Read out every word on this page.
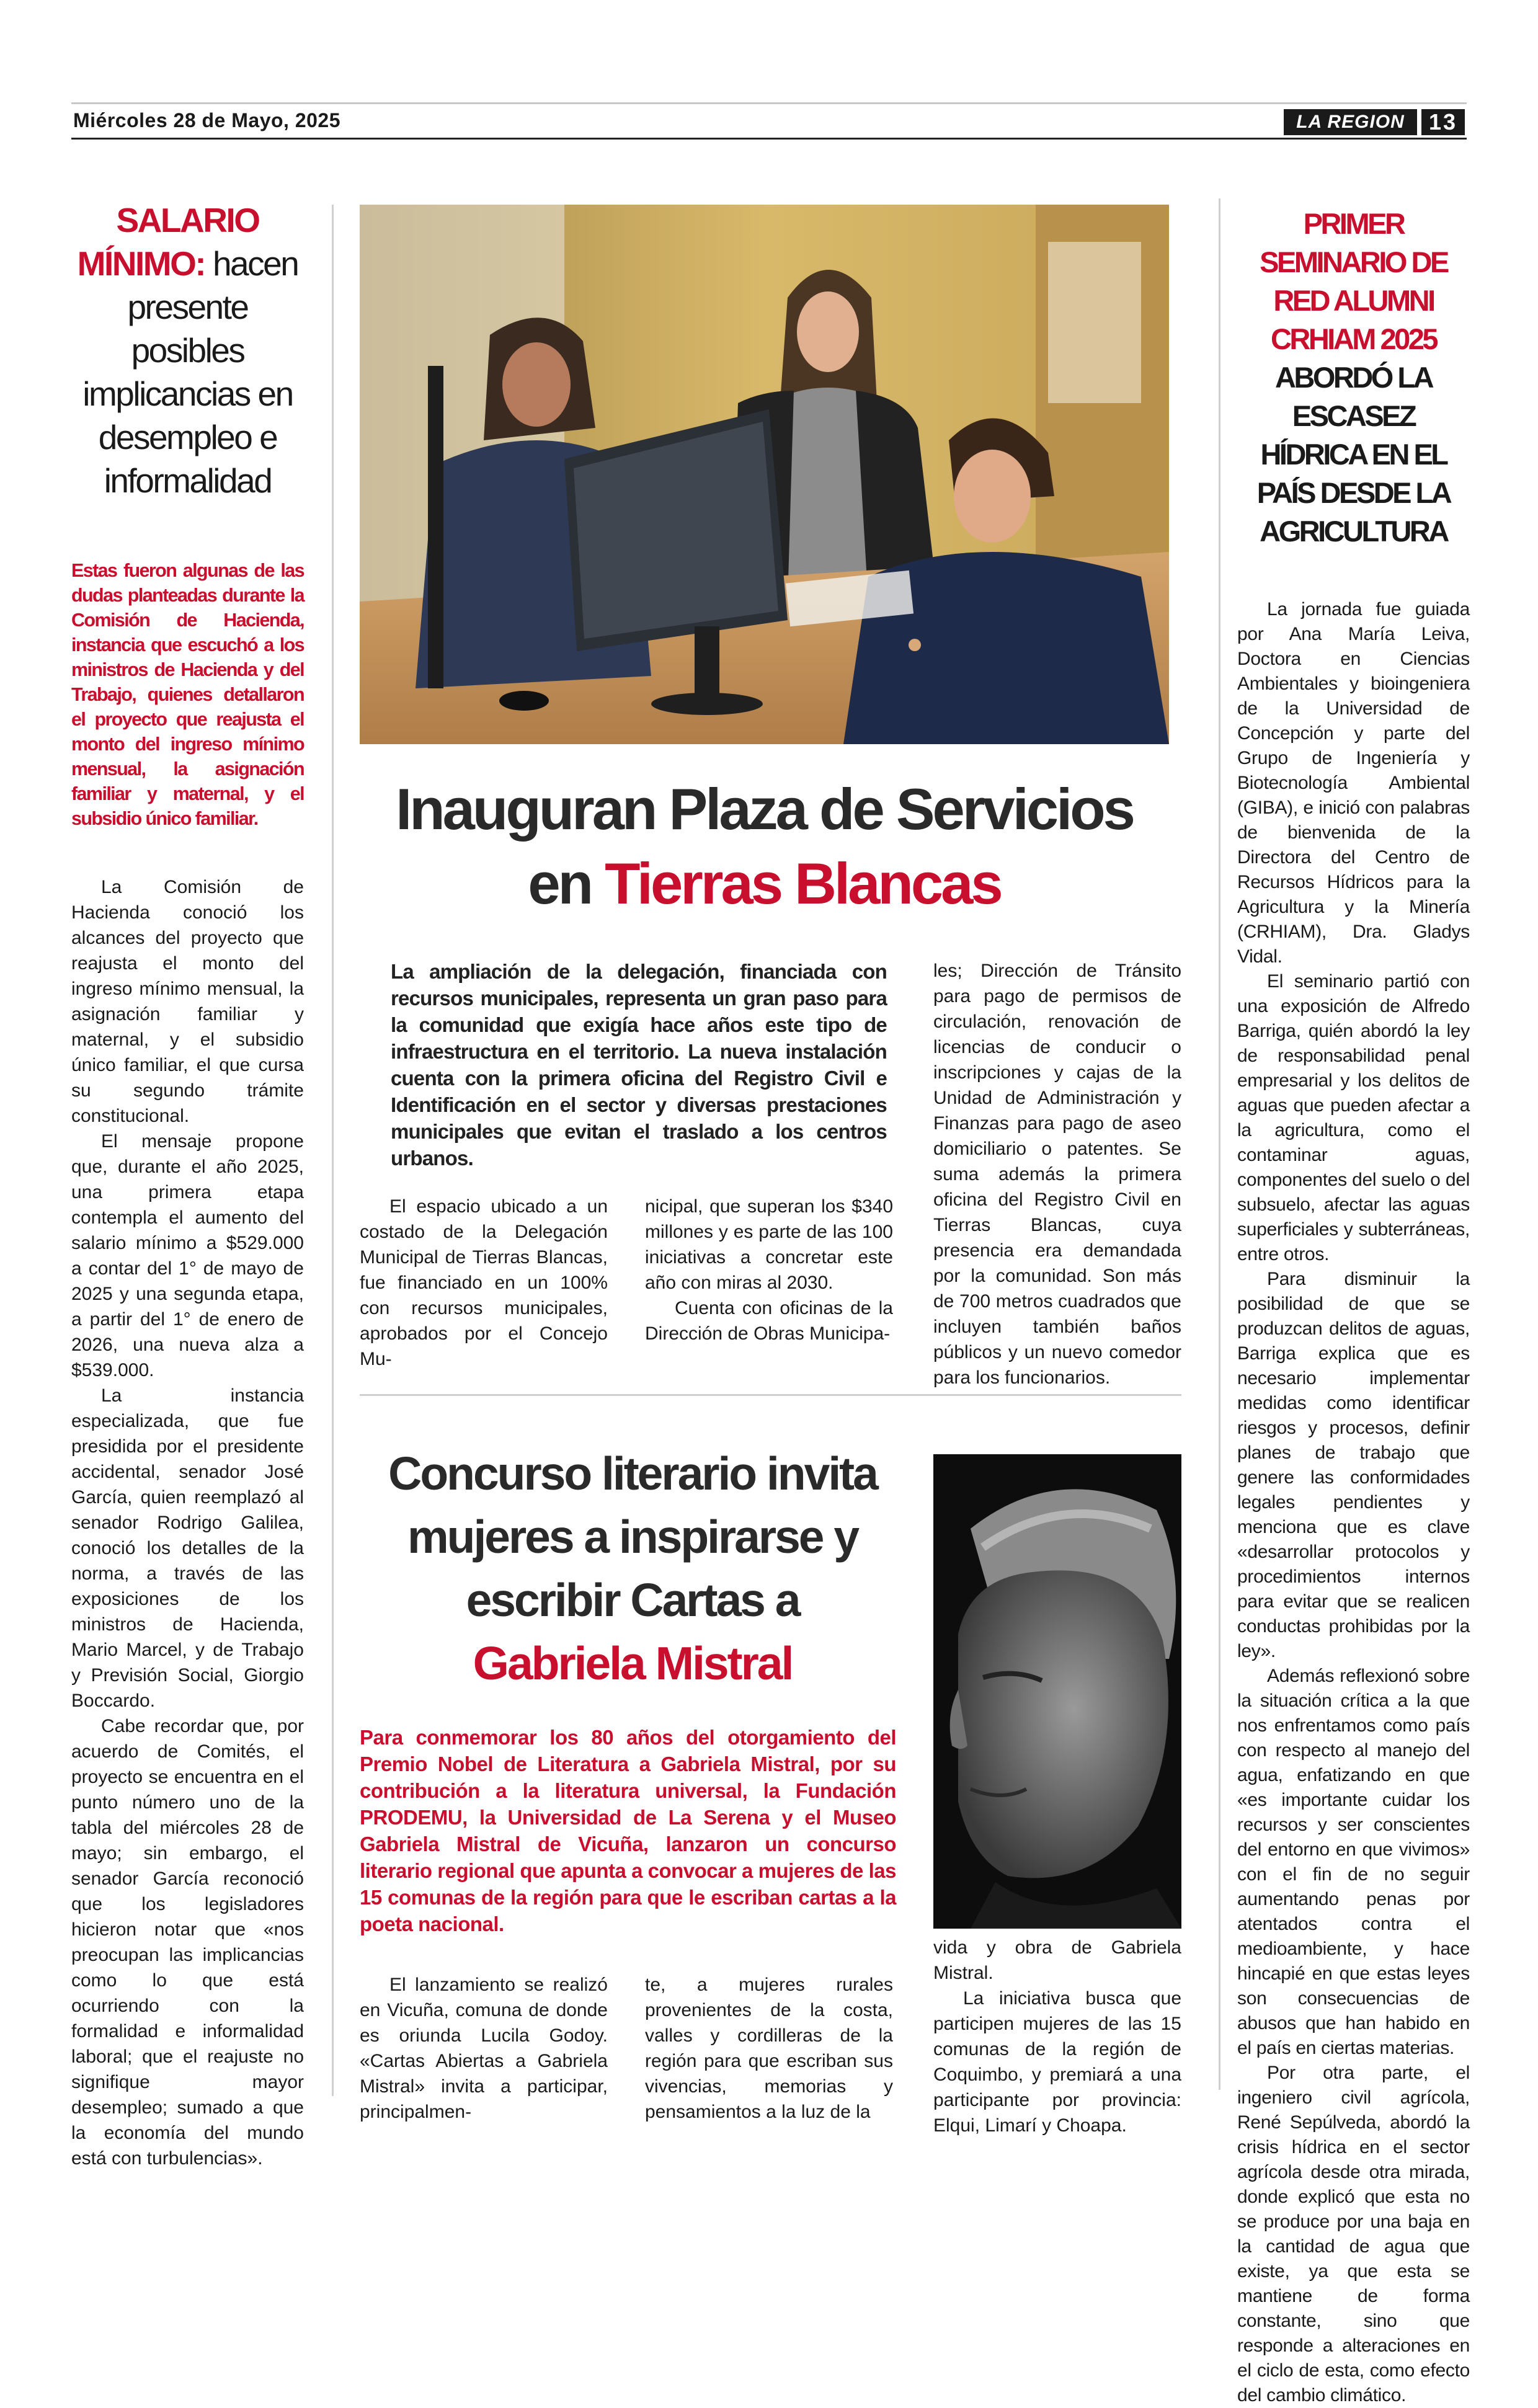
Miércoles 28 de Mayo, 2025	LA REGION	13
SALARIO MÍNIMO: hacen presente posibles implicancias en desempleo e informalidad
Estas fueron algunas de las dudas planteadas durante la Comisión de Hacienda, instancia que escuchó a los ministros de Hacienda y del Trabajo, quienes detallaron el proyecto que reajusta el monto del ingreso mínimo mensual, la asignación familiar y maternal, y el subsidio único familiar.

La Comisión de Hacienda conoció los alcances del proyecto que reajusta el monto del ingreso mínimo mensual, la asignación familiar y maternal, y el subsidio único familiar, el que cursa su segundo trámite constitucional.

El mensaje propone que, durante el año 2025, una primera etapa contempla el aumento del salario mínimo a $529.000 a contar del 1° de mayo de 2025 y una segunda etapa, a partir del 1° de enero de 2026, una nueva alza a $539.000.

La instancia especializada, que fue presidida por el presidente accidental, senador José García, quien reemplazó al senador Rodrigo Galilea, conoció los detalles de la norma, a través de las exposiciones de los ministros de Hacienda, Mario Marcel, y de Trabajo y Previsión Social, Giorgio Boccardo.

Cabe recordar que, por acuerdo de Comités, el proyecto se encuentra en el punto número uno de la tabla del miércoles 28 de mayo; sin embargo, el senador García reconoció que los legisladores hicieron notar que «nos preocupan las implicancias como lo que está ocurriendo con la formalidad e informalidad laboral; que el reajuste no signifique mayor desempleo; sumado a que la economía del mundo está con turbulencias».

Inauguran Plaza de Servicios en Tierras Blancas
La ampliación de la delegación, financiada con recursos municipales, representa un gran paso para la comunidad que exigía hace años este tipo de infraestructura en el territorio. La nueva instalación cuenta con la primera oficina del Registro Civil e Identificación en el sector y diversas prestaciones municipales que evitan el traslado a los centros urbanos.

El espacio ubicado a un costado de la Delegación Municipal de Tierras Blancas, fue financiado en un 100% con recursos municipales, aprobados por el Concejo Mu-

nicipal, que superan los $340 millones y es parte de las 100 iniciativas a concretar este año con miras al 2030.

Cuenta con oficinas de la Dirección de Obras Municipa-

les; Dirección de Tránsito para pago de permisos de circulación, renovación de licencias de conducir o inscripciones y cajas de la Unidad de Administración y Finanzas para pago de aseo domiciliario o patentes. Se suma además la primera oficina del Registro Civil en Tierras Blancas, cuya presencia era demandada por la comunidad. Son más de 700 metros cuadrados que incluyen también baños públicos y un nuevo comedor para los funcionarios.

Concurso literario invita mujeres a inspirarse y escribir Cartas a
Gabriela Mistral
Para conmemorar los 80 años del otorgamiento del Premio Nobel de Literatura a Gabriela Mistral, por su contribución a la literatura universal, la Fundación PRODEMU, la Universidad de La Serena y el Museo Gabriela Mistral de Vicuña, lanzaron un concurso literario regional que apunta a convocar a mujeres de las 15 comunas de la región para que le escriban cartas a la poeta nacional.

El lanzamiento se realizó en Vicuña, comuna de donde es oriunda Lucila Godoy. «Cartas Abiertas a Gabriela Mistral» invita a participar, principalmen-

te, a mujeres rurales provenientes de la costa, valles y cordilleras de la región para que escriban sus vivencias, memorias y pensamientos a la luz de la

vida y obra de Gabriela Mistral.

La iniciativa busca que participen mujeres de las 15 comunas de la región de Coquimbo, y premiará a una participante por provincia: Elqui, Limarí y Choapa.

PRIMER SEMINARIO DE RED ALUMNI CRHIAM 2025
ABORDÓ LA ESCASEZ HÍDRICA EN EL PAÍS DESDE LA AGRICULTURA

La jornada fue guiada por Ana María Leiva, Doctora en Ciencias Ambientales y bioingeniera de la Universidad de Concepción y parte del Grupo de Ingeniería y Biotecnología Ambiental (GIBA), e inició con palabras de bienvenida de la Directora del Centro de Recursos Hídricos para la Agricultura y la Minería (CRHIAM), Dra. Gladys Vidal.

El seminario partió con una exposición de Alfredo Barriga, quién abordó la ley de responsabilidad penal empresarial y los delitos de aguas que pueden afectar a la agricultura, como el contaminar aguas, componentes del suelo o del subsuelo, afectar las aguas superficiales y subterráneas, entre otros.

Para disminuir la posibilidad de que se produzcan delitos de aguas, Barriga explica que es necesario implementar medidas como identificar riesgos y procesos, definir planes de trabajo que genere las conformidades legales pendientes y menciona que es clave «desarrollar protocolos y procedimientos internos para evitar que se realicen conductas prohibidas por la ley».

Además reflexionó sobre la situación crítica a la que nos enfrentamos como país con respecto al manejo del agua, enfatizando en que «es importante cuidar los recursos y ser conscientes del entorno en que vivimos» con el fin de no seguir aumentando penas por atentados contra el medioambiente, y hace hincapié en que estas leyes son consecuencias de abusos que han habido en el país en ciertas materias.

Por otra parte, el ingeniero civil agrícola, René Sepúlveda, abordó la crisis hídrica en el sector agrícola desde otra mirada, donde explicó que esta no se produce por una baja en la cantidad de agua que existe, ya que esta se mantiene de forma constante, sino que responde a alteraciones en el ciclo de esta, como efecto del cambio climático.
